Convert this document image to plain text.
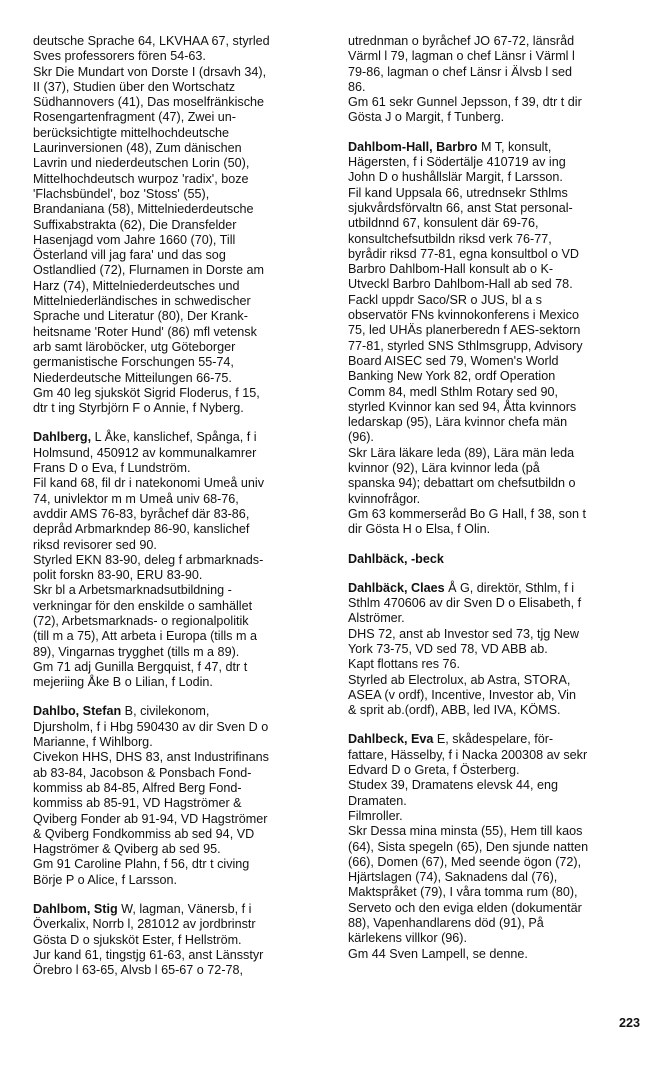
deutsche Sprache 64, LKVHAA 67, styrled
Sves professorers fören 54-63.
Skr Die Mundart von Dorste I (drsavh 34),
II (37), Studien über den Wortschatz
Südhannovers (41), Das moselfränkische
Rosengartenfragment (47), Zwei un-
berücksichtigte mittelhochdeutsche
Laurinversionen (48), Zum dänischen
Lavrin und niederdeutschen Lorin (50),
Mittelhochdeutsch wurpoz 'radix', boze
'Flachsbündel', boz 'Stoss' (55),
Brandaniana (58), Mittelniederdeutsche
Suffixabstrakta (62), Die Dransfelder
Hasenjagd vom Jahre 1660 (70), Till
Österland vill jag fara' und das sog
Ostlandlied (72), Flurnamen in Dorste am
Harz (74), Mittelniederdeutsches und
Mittelniederländisches in schwedischer
Sprache und Literatur (80), Der Krank-
heitsname 'Roter Hund' (86) mfl vetensk
arb samt läroböcker, utg Göteborger
germanistische Forschungen 55-74,
Niederdeutsche Mitteilungen 66-75.
Gm 40 leg sjuksköt Sigrid Floderus, f 15,
dtr t ing Styrbjörn F o Annie, f Nyberg.
Dahlberg, L Åke, kanslichef, Spånga, f i
Holmsund, 450912 av kommunalkamrer
Frans D o Eva, f Lundström.
Fil kand 68, fil dr i natekonomi Umeå univ
74, univlektor m m Umeå univ 68-76,
avddir AMS 76-83, byråchef där 83-86,
depråd Arbmarkndep 86-90, kanslichef
riksd revisorer sed 90.
Styrled EKN 83-90, deleg f arbmarknads-
polit forskn 83-90, ERU 83-90.
Skr bl a Arbetsmarknadsutbildning -
verkningar för den enskilde o samhället
(72), Arbetsmarknads- o regionalpolitik
(till m a 75), Att arbeta i Europa (tills m a
89), Vingarnas trygghet (tills m a 89).
Gm 71 adj Gunilla Bergquist, f 47, dtr t
mejeriing Åke B o Lilian, f Lodin.
Dahlbo, Stefan B, civilekonom,
Djursholm, f i Hbg 590430 av dir Sven D o
Marianne, f Wihlborg.
Civekon HHS, DHS 83, anst Industrifinans
ab 83-84, Jacobson & Ponsbach Fond-
kommiss ab 84-85, Alfred Berg Fond-
kommiss ab 85-91, VD Hagströmer &
Qviberg Fonder ab 91-94, VD Hagströmer
& Qviberg Fondkommiss ab sed 94, VD
Hagströmer & Qviberg ab sed 95.
Gm 91 Caroline Plahn, f 56, dtr t civing
Börje P o Alice, f Larsson.
Dahlbom, Stig W, lagman, Vänersb, f i
Överkalix, Norrb l, 281012 av jordbrinstr
Gösta D o sjuksköt Ester, f Hellström.
Jur kand 61, tingstjg 61-63, anst Länsstyr
Örebro l 63-65, Alvsb l 65-67 o 72-78,
utrednman o byråchef JO 67-72, länsråd
Värml l 79, lagman o chef Länsr i Värml l
79-86, lagman o chef Länsr i Älvsb l sed
86.
Gm 61 sekr Gunnel Jepsson, f 39, dtr t dir
Gösta J o Margit, f Tunberg.
Dahlbom-Hall, Barbro M T, konsult,
Hägersten, f i Södertälje 410719 av ing
John D o hushållslär Margit, f Larsson.
Fil kand Uppsala 66, utrednsekr Sthlms
sjukvårdsförvaltn 66, anst Stat personal-
utbildnnd 67, konsulent där 69-76,
konsultchefsutbildn riksd verk 76-77,
byrådir riksd 77-81, egna konsultbol o VD
Barbro Dahlbom-Hall konsult ab o K-
Utveckl Barbro Dahlbom-Hall ab sed 78.
Fackl uppdr Saco/SR o JUS, bl a s
observatör FNs kvinnokonferens i Mexico
75, led UHÄs planerberedn f AES-sektorn
77-81, styrled SNS Sthlmsgrupp, Advisory
Board AISEC sed 79, Women's World
Banking New York 82, ordf Operation
Comm 84, medl Sthlm Rotary sed 90,
styrled Kvinnor kan sed 94, Åtta kvinnors
ledarskap (95), Lära kvinnor chefa män
(96).
Skr Lära läkare leda (89), Lära män leda
kvinnor (92), Lära kvinnor leda (på
spanska 94); debattart om chefsutbildn o
kvinnofrågor.
Gm 63 kommerseråd Bo G Hall, f 38, son t
dir Gösta H o Elsa, f Olin.
Dahlbäck, -beck
Dahlbäck, Claes Å G, direktör, Sthlm, f i
Sthlm 470606 av dir Sven D o Elisabeth, f
Alströmer.
DHS 72, anst ab Investor sed 73, tjg New
York 73-75, VD sed 78, VD ABB ab.
Kapt flottans res 76.
Styrled ab Electrolux, ab Astra, STORA,
ASEA (v ordf), Incentive, Investor ab, Vin
& sprit ab.(ordf), ABB, led IVA, KÖMS.
Dahlbeck, Eva E, skådespelare, för-
fattare, Hässelby, f i Nacka 200308 av sekr
Edvard D o Greta, f Österberg.
Studex 39, Dramatens elevsk 44, eng
Dramaten.
Filmroller.
Skr Dessa mina minsta (55), Hem till kaos
(64), Sista spegeln (65), Den sjunde natten
(66), Domen (67), Med seende ögon (72),
Hjärtslagen (74), Saknadens dal (76),
Maktspråket (79), I våra tomma rum (80),
Serveto och den eviga elden (dokumentär
88), Vapenhandlarens död (91), På
kärlekens villkor (96).
Gm 44 Sven Lampell, se denne.
223
